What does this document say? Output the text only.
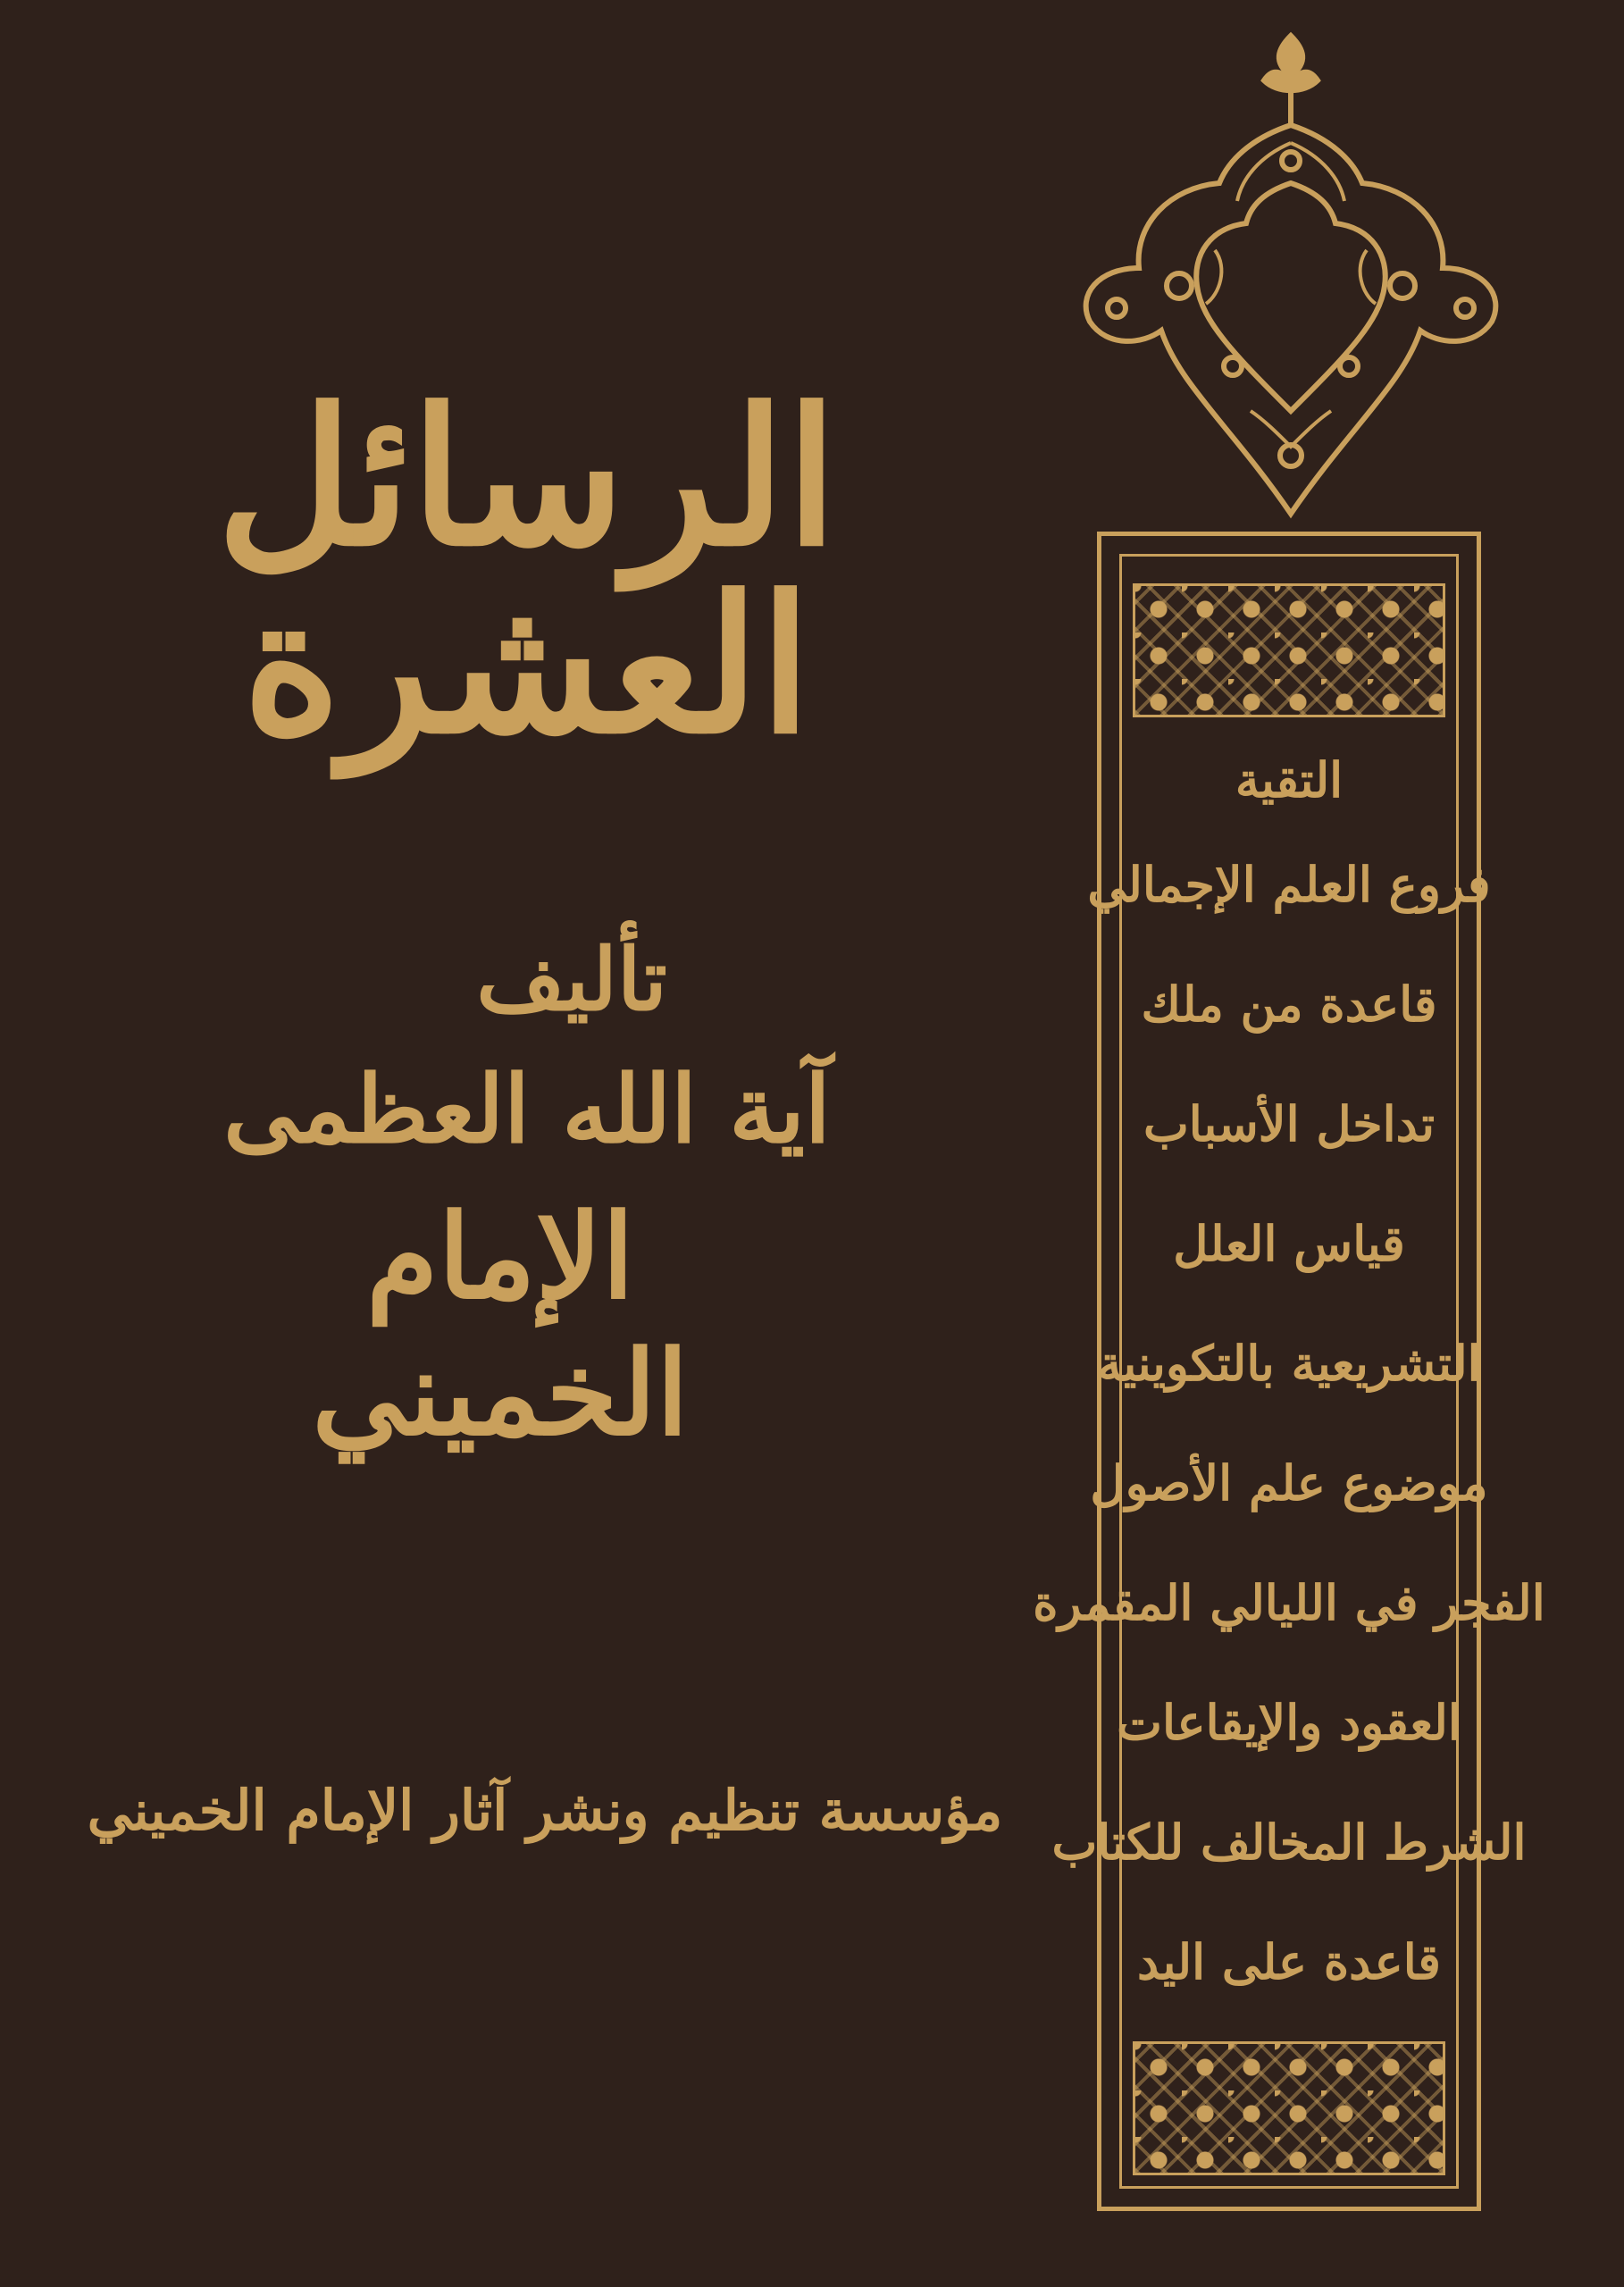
الرسائل العشرة
تأليف
آية الله العظمى
الإمام الخميني
مؤسسة تنظيم ونشر آثار الإمام الخميني
التقية
فروع العلم الإجمالي
قاعدة من ملك
تداخل الأسباب
قياس العلل
التشريعية بالتكوينية
موضوع علم الأصول
الفجر في الليالي المقمرة
العقود والإيقاعات
الشرط المخالف للكتاب
قاعدة على اليد
